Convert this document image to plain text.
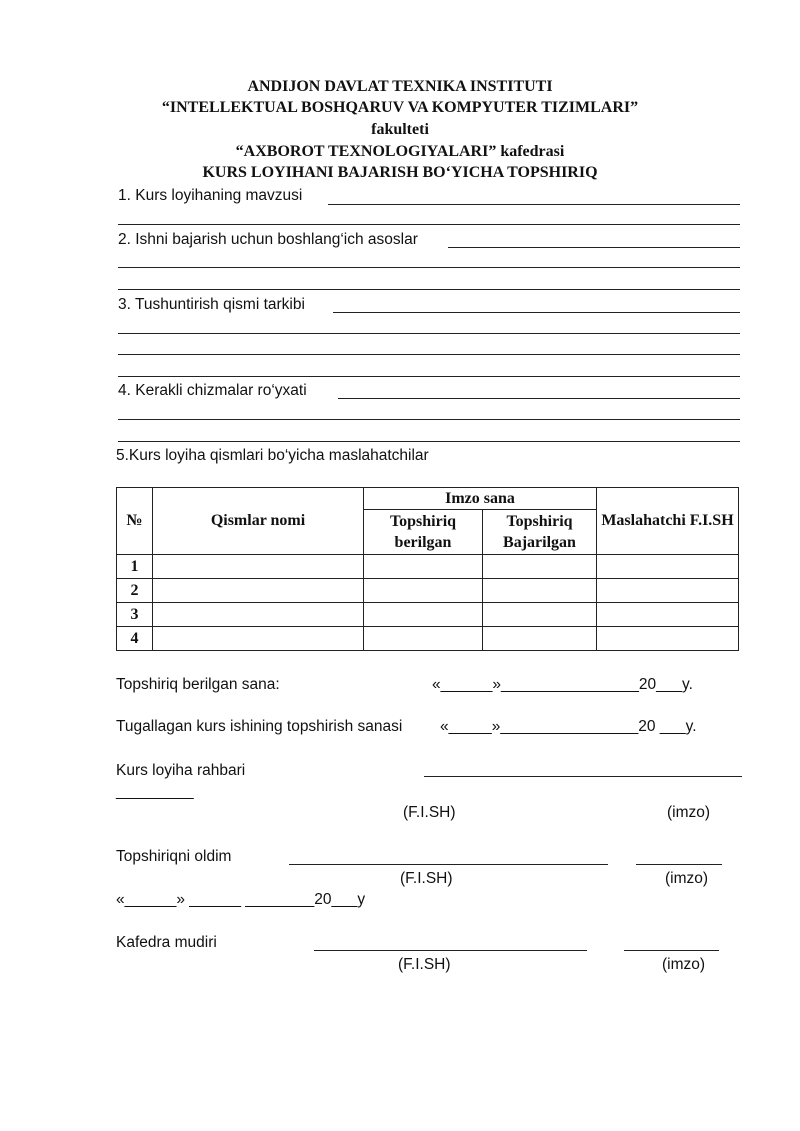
ANDIJON DAVLAT TEXNIKA INSTITUTI
“INTELLEKTUAL BOSHQARUV VA KOMPYUTER TIZIMLARI”
fakulteti
“AXBOROT TEXNOLOGIYALARI” kafedrasi
KURS LOYIHANI BAJARISH BO‘YICHA TOPSHIRIQ
1. Kurs loyihaning mavzusi
2. Ishni bajarish uchun boshlang‘ich asoslar
3. Tushuntirish qismi tarkibi
4. Kerakli chizmalar ro‘yxati
5.Kurs loyiha qismlari bo‘yicha maslahatchilar
№	Qismlar nomi	Imzo sana		Maslahatchi F.I.SH
		Topshiriq berilgan	Topshiriq Bajarilgan	
1				
2				
3				
4				
Topshiriq berilgan sana:	«______»________________20___y.
Tugallagan kurs ishining topshirish sanasi «_____»________________20 ___y.
Kurs loyiha rahbari
_________
(F.I.SH)	(imzo)
Topshiriqni oldim
(F.I.SH)	(imzo)
«______» ______ ________20___y
Kafedra mudiri
(F.I.SH)	(imzo)
